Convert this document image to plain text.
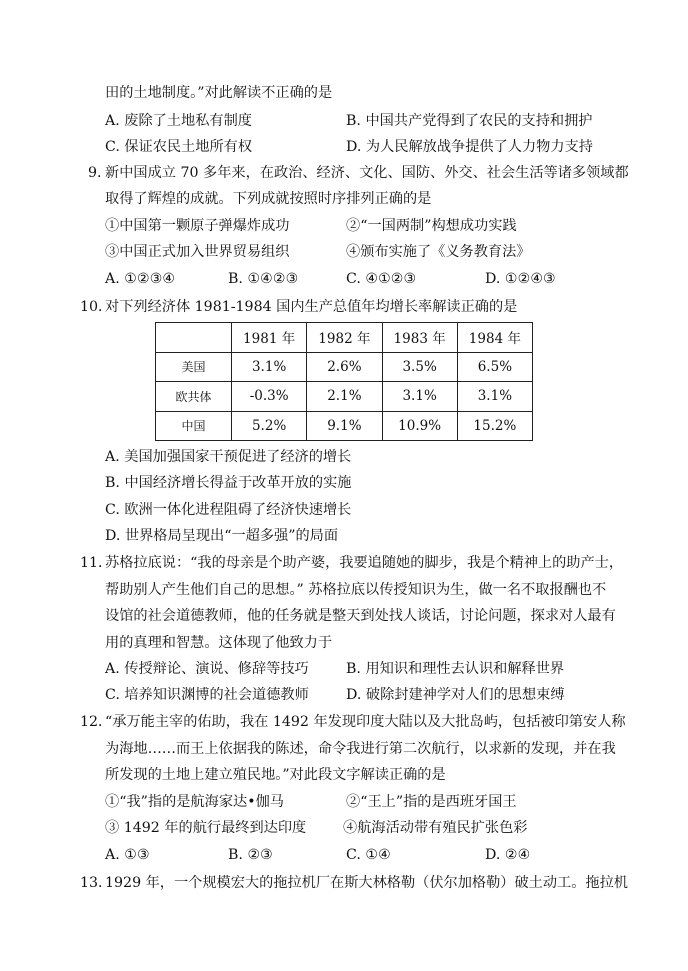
田的土地制度。”对此解读不正确的是
A. 废除了土地私有制度	B. 中国共产党得到了农民的支持和拥护
C. 保证农民土地所有权	D. 为人民解放战争提供了人力物力支持
9．
新中国成立 70 多年来，在政治、经济、文化、国防、外交、社会生活等诸多领域都
取得了辉煌的成就。下列成就按照时序排列正确的是
①中国第一颗原子弹爆炸成功	②“一国两制”构想成功实践
③中国正式加入世界贸易组织	④颁布实施了《义务教育法》
A. ①②③④	B. ①④②③	C. ④①②③	D. ①②④③
10．
对下列经济体 1981-1984 国内生产总值年均增长率解读正确的是
	1981 年	1982 年	1983 年	1984 年
美国	3.1%	2.6%	3.5%	6.5%
欧共体	-0.3%	2.1%	3.1%	3.1%
中国	5.2%	9.1%	10.9%	15.2%
A. 美国加强国家干预促进了经济的增长
B. 中国经济增长得益于改革开放的实施
C. 欧洲一体化进程阻碍了经济快速增长
D. 世界格局呈现出“一超多强”的局面
11．
苏格拉底说：“我的母亲是个助产婆，我要追随她的脚步，我是个精神上的助产士，
帮助别人产生他们自己的思想。” 苏格拉底以传授知识为生，做一名不取报酬也不
设馆的社会道德教师，他的任务就是整天到处找人谈话，讨论问题，探求对人最有
用的真理和智慧。这体现了他致力于
A. 传授辩论、演说、修辞等技巧	B. 用知识和理性去认识和解释世界
C. 培养知识渊博的社会道德教师	D. 破除封建神学对人们的思想束缚
12．
“承万能主宰的佑助，我在 1492 年发现印度大陆以及大批岛屿，包括被印第安人称
为海地……而王上依据我的陈述，命令我进行第二次航行，以求新的发现，并在我
所发现的土地上建立殖民地。”对此段文字解读正确的是
①“我”指的是航海家达•伽马	②“王上”指的是西班牙国王
③ 1492 年的航行最终到达印度	④航海活动带有殖民扩张色彩
A. ①③	B. ②③	C. ①④	D. ②④
13．
1929 年，一个规模宏大的拖拉机厂在斯大林格勒（伏尔加格勒）破土动工。拖拉机
